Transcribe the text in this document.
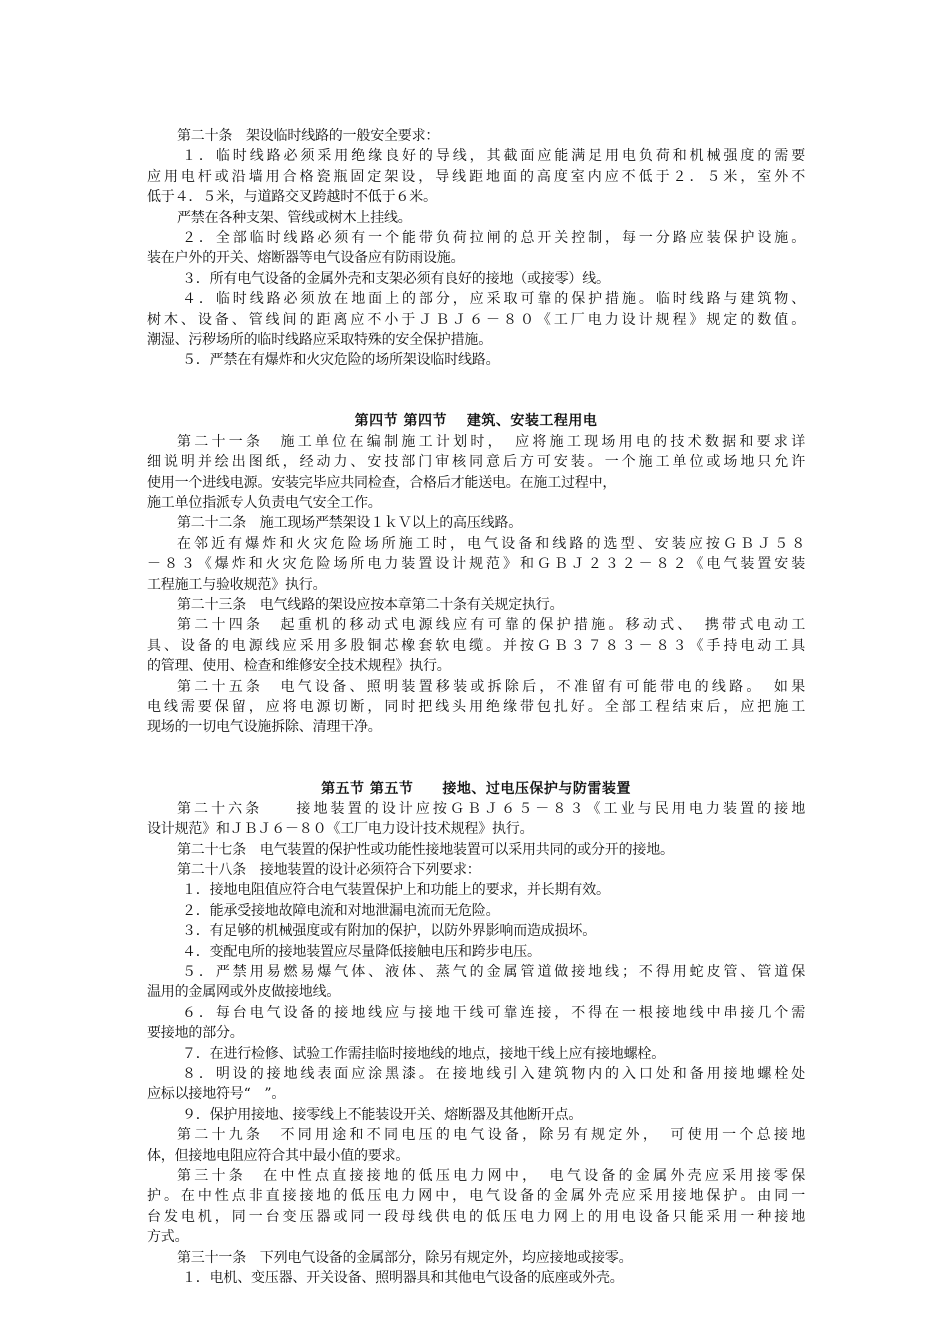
第二十条　架设临时线路的一般安全要求：
１．临时线路必须采用绝缘良好的导线，其截面应能满足用电负荷和机械强度的需要
应用电杆或沿墙用合格瓷瓶固定架设，导线距地面的高度室内应不低于２．５米，室外不
低于４．５米，与道路交叉跨越时不低于６米。
严禁在各种支架、管线或树木上挂线。
２．全部临时线路必须有一个能带负荷拉闸的总开关控制，每一分路应装保护设施。
装在户外的开关、熔断器等电气设备应有防雨设施。
３．所有电气设备的金属外壳和支架必须有良好的接地（或接零）线。
４．临时线路必须放在地面上的部分，应采取可靠的保护措施。临时线路与建筑物、
树木、设备、管线间的距离应不小于ＪＢＪ６－８０《工厂电力设计规程》规定的数值。
潮湿、污秽场所的临时线路应采取特殊的安全保护措施。
５．严禁在有爆炸和火灾危险的场所架设临时线路。
第四节 第四节　 建筑、安装工程用电
第二十一条　施工单位在编制施工计划时，　应将施工现场用电的技术数据和要求详
细说明并绘出图纸，经动力、安技部门审核同意后方可安装。一个施工单位或场地只允许
使用一个进线电源。安装完毕应共同检查，合格后才能送电。在施工过程中，
施工单位指派专人负责电气安全工作。
第二十二条　施工现场严禁架设１ｋＶ以上的高压线路。
在邻近有爆炸和火灾危险场所施工时，电气设备和线路的选型、安装应按ＧＢＪ５８
－８３《爆炸和火灾危险场所电力装置设计规范》和ＧＢＪ２３２－８２《电气装置安装
工程施工与验收规范》执行。
第二十三条　电气线路的架设应按本章第二十条有关规定执行。
第二十四条　起重机的移动式电源线应有可靠的保护措施。移动式、　携带式电动工
具、设备的电源线应采用多股铜芯橡套软电缆。并按ＧＢ３７８３－８３《手持电动工具
的管理、使用、检查和维修安全技术规程》执行。
第二十五条　电气设备、照明装置移装或拆除后，不准留有可能带电的线路。　如果
电线需要保留，应将电源切断，同时把线头用绝缘带包扎好。全部工程结束后，应把施工
现场的一切电气设施拆除、清理干净。
第五节 第五节　　接地、过电压保护与防雷装置
第二十六条　　接地装置的设计应按ＧＢＪ６５－８３《工业与民用电力装置的接地
设计规范》和ＪＢＪ６－８０《工厂电力设计技术规程》执行。
第二十七条　电气装置的保护性或功能性接地装置可以采用共同的或分开的接地。
第二十八条　接地装置的设计必须符合下列要求：
１．接地电阻值应符合电气装置保护上和功能上的要求，并长期有效。
２．能承受接地故障电流和对地泄漏电流而无危险。
３．有足够的机械强度或有附加的保护，以防外界影响而造成损坏。
４．变配电所的接地装置应尽量降低接触电压和跨步电压。
５．严禁用易燃易爆气体、液体、蒸气的金属管道做接地线；不得用蛇皮管、管道保
温用的金属网或外皮做接地线。
６．每台电气设备的接地线应与接地干线可靠连接，不得在一根接地线中串接几个需
要接地的部分。
７．在进行检修、试验工作需挂临时接地线的地点，接地干线上应有接地螺栓。
８．明设的接地线表面应涂黑漆。在接地线引入建筑物内的入口处和备用接地螺栓处
应标以接地符号“　”。
９．保护用接地、接零线上不能装设开关、熔断器及其他断开点。
第二十九条　不同用途和不同电压的电气设备，除另有规定外，　可使用一个总接地
体，但接地电阻应符合其中最小值的要求。
第三十条　在中性点直接接地的低压电力网中，　电气设备的金属外壳应采用接零保
护。在中性点非直接接地的低压电力网中，电气设备的金属外壳应采用接地保护。由同一
台发电机，同一台变压器或同一段母线供电的低压电力网上的用电设备只能采用一种接地
方式。
第三十一条　下列电气设备的金属部分，除另有规定外，均应接地或接零。
１．电机、变压器、开关设备、照明器具和其他电气设备的底座或外壳。
